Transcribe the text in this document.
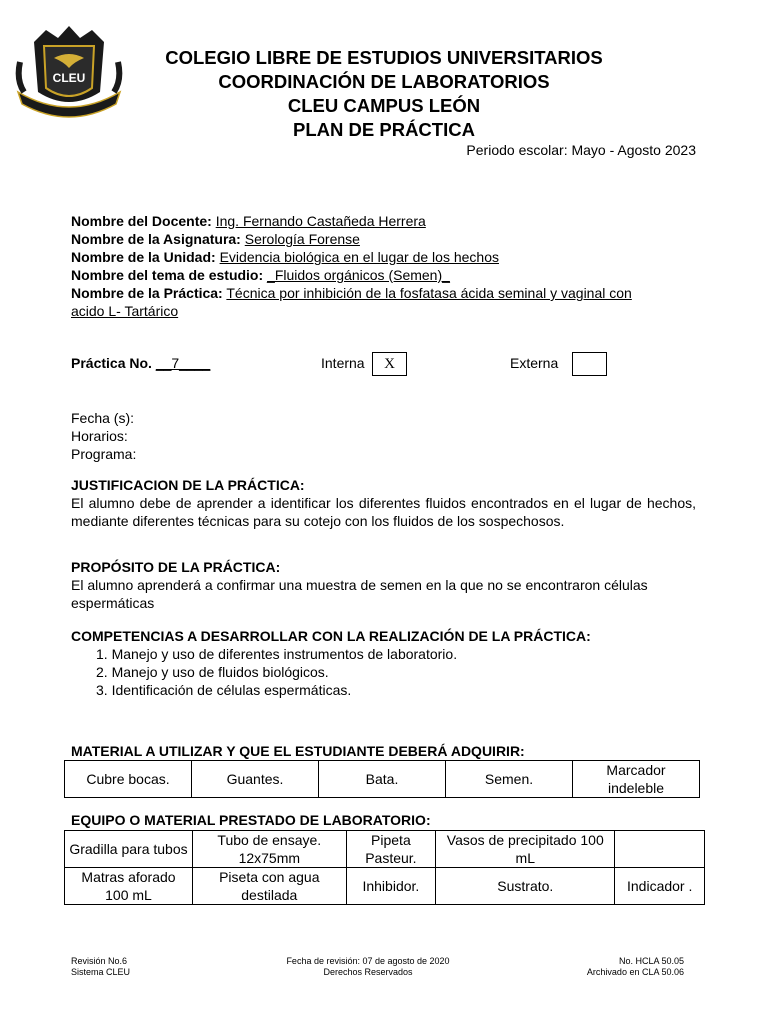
CLEU
COLEGIO LIBRE DE ESTUDIOS UNIVERSITARIOS
COORDINACIÓN DE LABORATORIOS
CLEU CAMPUS LEÓN
PLAN DE PRÁCTICA
Periodo escolar: Mayo - Agosto 2023
Nombre del Docente: Ing. Fernando Castañeda Herrera
Nombre de la Asignatura: Serología Forense
Nombre de la Unidad: Evidencia biológica en el lugar de los hechos
Nombre del tema de estudio: _Fluidos orgánicos (Semen)_
Nombre de la Práctica: Técnica por inhibición de la fosfatasa ácida seminal y vaginal con
acido L- Tartárico
Práctica No. __7____	Interna	X	Externa
Fecha (s):
Horarios:
Programa:
JUSTIFICACION DE LA PRÁCTICA:
El alumno debe de aprender a identificar los diferentes fluidos encontrados en el lugar de hechos, mediante diferentes técnicas para su cotejo con los fluidos de los sospechosos.
PROPÓSITO DE LA PRÁCTICA:
El alumno aprenderá a confirmar una muestra de semen en la que no se encontraron células espermáticas
COMPETENCIAS A DESARROLLAR CON LA REALIZACIÓN DE LA PRÁCTICA:
1. Manejo y uso de diferentes instrumentos de laboratorio.
2. Manejo y uso de fluidos biológicos.
3. Identificación de células espermáticas.
MATERIAL A UTILIZAR Y QUE EL ESTUDIANTE DEBERÁ ADQUIRIR:
Cubre bocas.	Guantes.	Bata.	Semen.	Marcador indeleble
EQUIPO O MATERIAL PRESTADO DE LABORATORIO:
Gradilla para tubos	Tubo de ensaye. 12x75mm	Pipeta Pasteur.	Vasos de precipitado 100 mL	
Matras aforado 100 mL	Piseta con agua destilada	Inhibidor.	Sustrato.	Indicador .
Revisión No.6
Sistema CLEU
Fecha de revisión: 07 de agosto de 2020
Derechos Reservados
No. HCLA 50.05
Archivado en CLA 50.06
